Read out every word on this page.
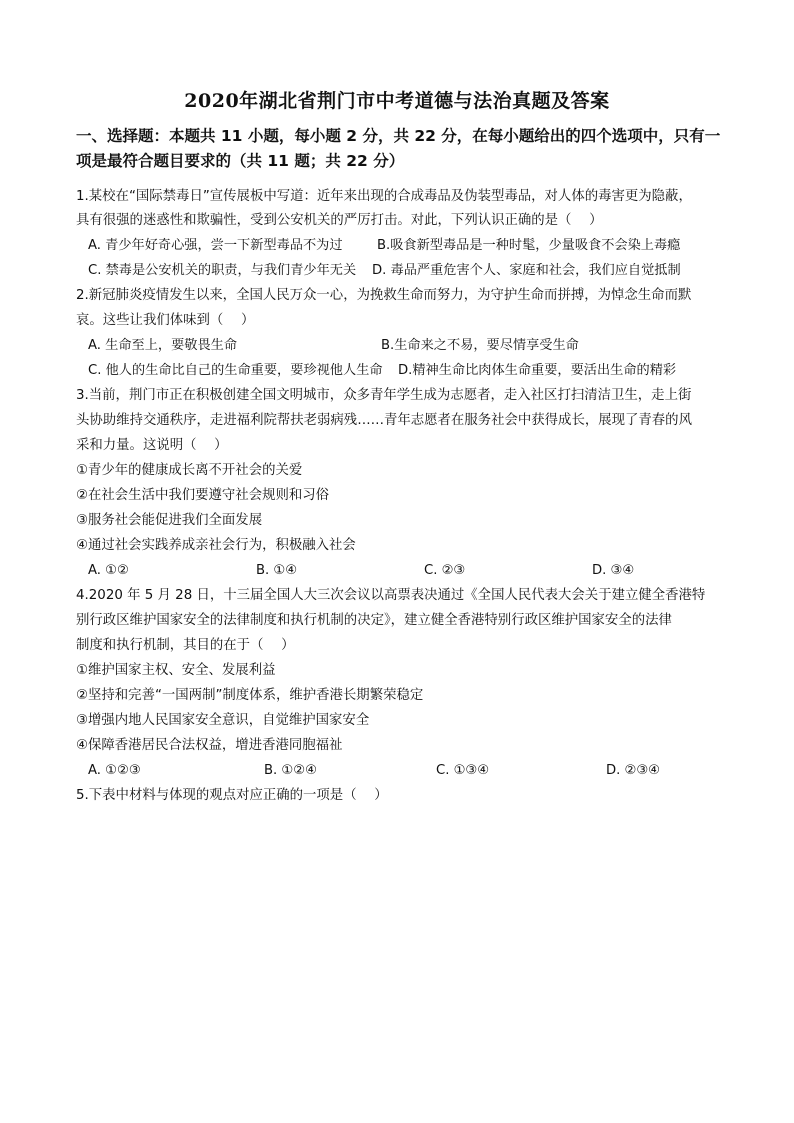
2020年湖北省荆门市中考道德与法治真题及答案
一、选择题：本题共 11 小题，每小题 2 分，共 22 分，在每小题给出的四个选项中，只有一
项是最符合题目要求的（共 11 题；共 22 分）
1.某校在“国际禁毒日”宣传展板中写道：近年来出现的合成毒品及伪装型毒品，对人体的毒害更为隐蔽，
具有很强的迷惑性和欺骗性，受到公安机关的严厉打击。对此，下列认识正确的是（　 ）
A. 青少年好奇心强，尝一下新型毒品不为过	B.吸食新型毒品是一种时髦，少量吸食不会染上毒瘾
C. 禁毒是公安机关的职责，与我们青少年无关 D. 毒品严重危害个人、家庭和社会，我们应自觉抵制
2.新冠肺炎疫情发生以来，全国人民万众一心，为挽救生命而努力，为守护生命而拼搏，为悼念生命而默
哀。这些让我们体味到（　 ）
A. 生命至上，要敬畏生命	B.生命来之不易，要尽情享受生命
C. 他人的生命比自己的生命重要，要珍视他人生命 D.精神生命比肉体生命重要，要活出生命的精彩
3.当前，荆门市正在积极创建全国文明城市，众多青年学生成为志愿者，走入社区打扫清洁卫生，走上街
头协助维持交通秩序，走进福利院帮扶老弱病残……青年志愿者在服务社会中获得成长，展现了青春的风
采和力量。这说明（　 ）
①青少年的健康成长离不开社会的关爱
②在社会生活中我们要遵守社会规则和习俗
③服务社会能促进我们全面发展
④通过社会实践养成亲社会行为，积极融入社会
A. ①②	B. ①④	C. ②③	D. ③④
4.2020 年 5 月 28 日，十三届全国人大三次会议以高票表决通过《全国人民代表大会关于建立健全香港特
别行政区维护国家安全的法律制度和执行机制的决定》，建立健全香港特别行政区维护国家安全的法律
制度和执行机制，其目的在于（　 ）
①维护国家主权、安全、发展利益
②坚持和完善“一国两制”制度体系，维护香港长期繁荣稳定
③增强内地人民国家安全意识，自觉维护国家安全
④保障香港居民合法权益，增进香港同胞福祉
A. ①②③	B. ①②④	C. ①③④	D. ②③④
5.下表中材料与体现的观点对应正确的一项是（　 ）
